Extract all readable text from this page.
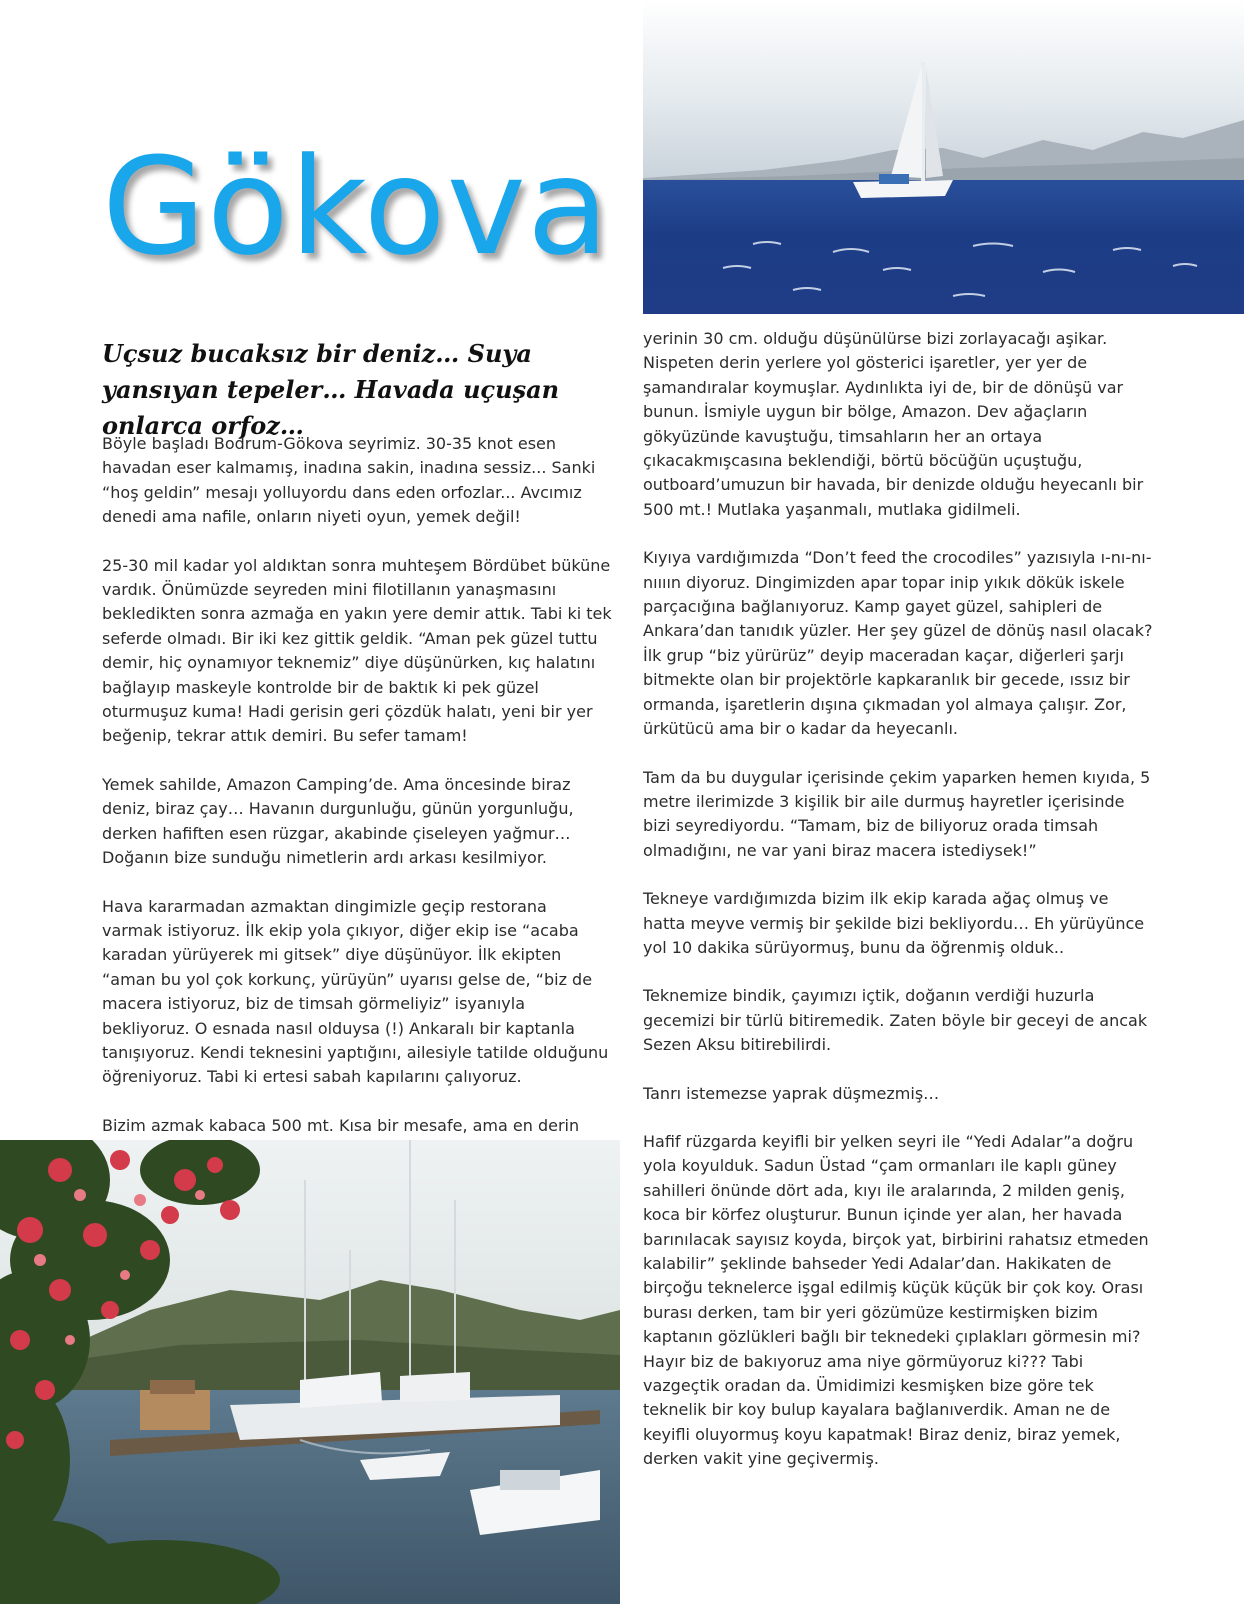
Gökova

Uçsuz bucaksız bir deniz… Suya yansıyan tepeler… Havada uçuşan onlarca orfoz…

Böyle başladı Bodrum-Gökova seyrimiz. 30-35 knot esen havadan eser kalmamış, inadına sakin, inadına sessiz... Sanki “hoş geldin” mesajı yolluyordu dans eden orfozlar... Avcımız denedi ama nafile, onların niyeti oyun, yemek değil!

25-30 mil kadar yol aldıktan sonra muhteşem Bördübet büküne vardık. Önümüzde seyreden mini filotillanın yanaşmasını bekledikten sonra azmağa en yakın yere demir attık. Tabi ki tek seferde olmadı. Bir iki kez gittik geldik. “Aman pek güzel tuttu demir, hiç oynamıyor teknemiz” diye düşünürken, kıç halatını bağlayıp maskeyle kontrolde bir de baktık ki pek güzel oturmuşuz kuma! Hadi gerisin geri çözdük halatı, yeni bir yer beğenip, tekrar attık demiri. Bu sefer tamam!

Yemek sahilde, Amazon Camping’de. Ama öncesinde biraz deniz, biraz çay… Havanın durgunluğu, günün yorgunluğu, derken hafiften esen rüzgar, akabinde çiseleyen yağmur… Doğanın bize sunduğu nimetlerin ardı arkası kesilmiyor.

Hava kararmadan azmaktan dingimizle geçip restorana varmak istiyoruz. İlk ekip yola çıkıyor, diğer ekip ise “acaba karadan yürüyerek mi gitsek” diye düşünüyor. İlk ekipten “aman bu yol çok korkunç, yürüyün” uyarısı gelse de, “biz de macera istiyoruz, biz de timsah görmeliyiz” isyanıyla bekliyoruz. O esnada nasıl olduysa (!) Ankaralı bir kaptanla tanışıyoruz. Kendi teknesini yaptığını, ailesiyle tatilde olduğunu öğreniyoruz. Tabi ki ertesi sabah kapılarını çalıyoruz.

Bizim azmak kabaca 500 mt. Kısa bir mesafe, ama en derin

yerinin 30 cm. olduğu düşünülürse bizi zorlayacağı aşikar. Nispeten derin yerlere yol gösterici işaretler, yer yer de şamandıralar koymuşlar. Aydınlıkta iyi de, bir de dönüşü var bunun. İsmiyle uygun bir bölge, Amazon. Dev ağaçların gökyüzünde kavuştuğu, timsahların her an ortaya çıkacakmışcasına beklendiği, börtü böcüğün uçuştuğu, outboard’umuzun bir havada, bir denizde olduğu heyecanlı bir 500 mt.! Mutlaka yaşanmalı, mutlaka gidilmeli.

Kıyıya vardığımızda “Don’t feed the crocodiles” yazısıyla ı-nı-nı-nıııın diyoruz. Dingimizden apar topar inip yıkık dökük iskele parçacığına bağlanıyoruz. Kamp gayet güzel, sahipleri de Ankara’dan tanıdık yüzler. Her şey güzel de dönüş nasıl olacak? İlk grup “biz yürürüz” deyip maceradan kaçar, diğerleri şarjı bitmekte olan bir projektörle kapkaranlık bir gecede, ıssız bir ormanda, işaretlerin dışına çıkmadan yol almaya çalışır. Zor, ürkütücü ama bir o kadar da heyecanlı.

Tam da bu duygular içerisinde çekim yaparken hemen kıyıda, 5 metre ilerimizde 3 kişilik bir aile durmuş hayretler içerisinde bizi seyrediyordu. “Tamam, biz de biliyoruz orada timsah olmadığını, ne var yani biraz macera istediysek!”

Tekneye vardığımızda bizim ilk ekip karada ağaç olmuş ve hatta meyve vermiş bir şekilde bizi bekliyordu… Eh yürüyünce yol 10 dakika sürüyormuş, bunu da öğrenmiş olduk..

Teknemize bindik, çayımızı içtik, doğanın verdiği huzurla gecemizi bir türlü bitiremedik. Zaten böyle bir geceyi de ancak Sezen Aksu bitirebilirdi.

Tanrı istemezse yaprak düşmezmiş…

Hafif rüzgarda keyifli bir yelken seyri ile “Yedi Adalar”a doğru yola koyulduk. Sadun Üstad “çam ormanları ile kaplı güney sahilleri önünde dört ada, kıyı ile aralarında, 2 milden geniş, koca bir körfez oluşturur. Bunun içinde yer alan, her havada barınılacak sayısız koyda, birçok yat, birbirini rahatsız etmeden kalabilir” şeklinde bahseder Yedi Adalar’dan. Hakikaten de birçoğu teknelerce işgal edilmiş küçük küçük bir çok koy. Orası burası derken, tam bir yeri gözümüze kestirmişken bizim kaptanın gözlükleri bağlı bir teknedeki çıplakları görmesin mi? Hayır biz de bakıyoruz ama niye görmüyoruz ki??? Tabi vazgeçtik oradan da. Ümidimizi kesmişken bize göre tek teknelik bir koy bulup kayalara bağlanıverdik. Aman ne de keyifli oluyormuş koyu kapatmak! Biraz deniz, biraz yemek, derken vakit yine geçivermiş.
